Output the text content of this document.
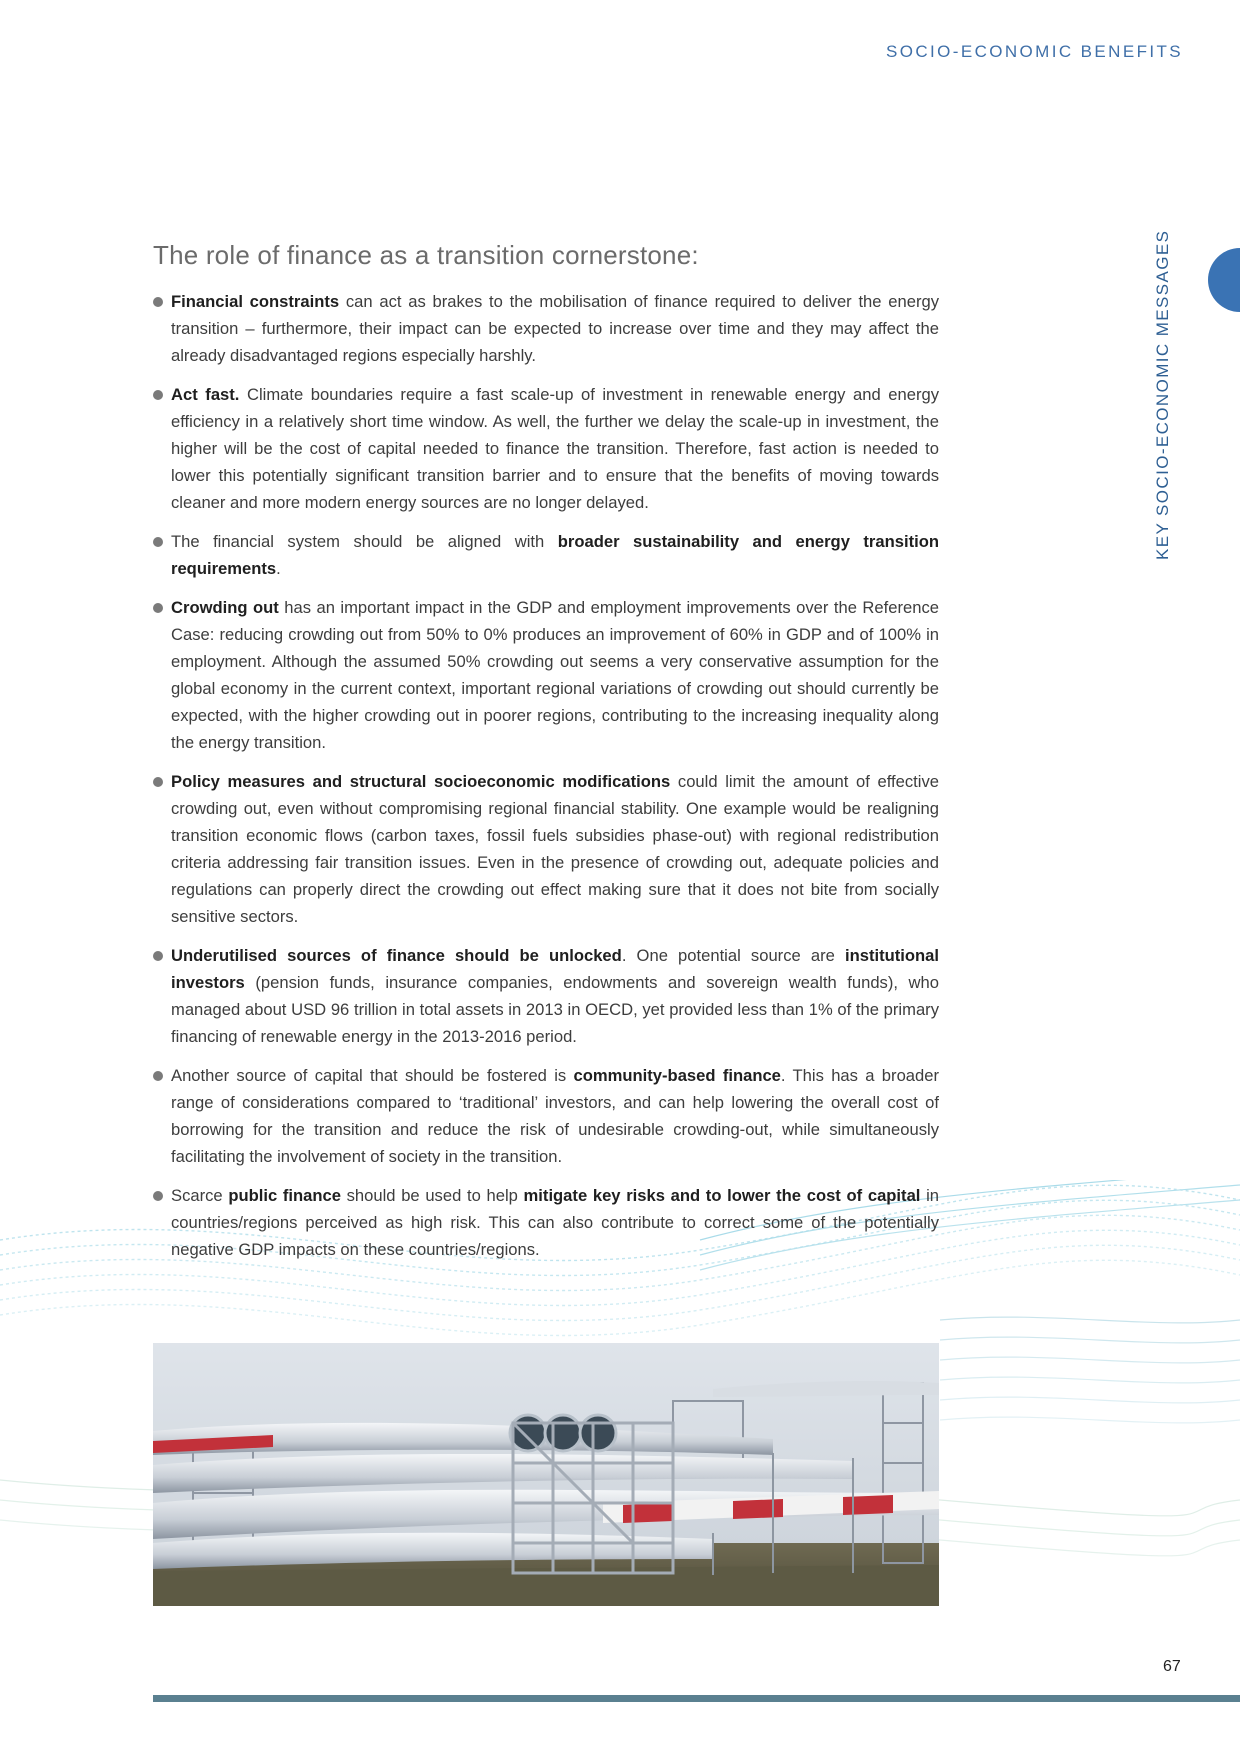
SOCIO-ECONOMIC BENEFITS
KEY SOCIO-ECONOMIC MESSAGES
The role of finance as a transition cornerstone:
Financial constraints can act as brakes to the mobilisation of finance required to deliver the energy transition – furthermore, their impact can be expected to increase over time and they may affect the already disadvantaged regions especially harshly.
Act fast. Climate boundaries require a fast scale-up of investment in renewable energy and energy efficiency in a relatively short time window. As well, the further we delay the scale-up in investment, the higher will be the cost of capital needed to finance the transition. Therefore, fast action is needed to lower this potentially significant transition barrier and to ensure that the benefits of moving towards cleaner and more modern energy sources are no longer delayed.
The financial system should be aligned with broader sustainability and energy transition requirements.
Crowding out has an important impact in the GDP and employment improvements over the Reference Case: reducing crowding out from 50% to 0% produces an improvement of 60% in GDP and of 100% in employment. Although the assumed 50% crowding out seems a very conservative assumption for the global economy in the current context, important regional variations of crowding out should currently be expected, with the higher crowding out in poorer regions, contributing to the increasing inequality along the energy transition.
Policy measures and structural socioeconomic modifications could limit the amount of effective crowding out, even without compromising regional financial stability. One example would be realigning transition economic flows (carbon taxes, fossil fuels subsidies phase-out) with regional redistribution criteria addressing fair transition issues. Even in the presence of crowding out, adequate policies and regulations can properly direct the crowding out effect making sure that it does not bite from socially sensitive sectors.
Underutilised sources of finance should be unlocked. One potential source are institutional investors (pension funds, insurance companies, endowments and sovereign wealth funds), who managed about USD 96 trillion in total assets in 2013 in OECD, yet provided less than 1% of the primary financing of renewable energy in the 2013-2016 period.
Another source of capital that should be fostered is community-based finance. This has a broader range of considerations compared to ‘traditional’ investors, and can help lowering the overall cost of borrowing for the transition and reduce the risk of undesirable crowding-out, while simultaneously facilitating the involvement of society in the transition.
Scarce public finance should be used to help mitigate key risks and to lower the cost of capital in countries/regions perceived as high risk. This can also contribute to correct some of the potentially negative GDP impacts on these countries/regions.
67
